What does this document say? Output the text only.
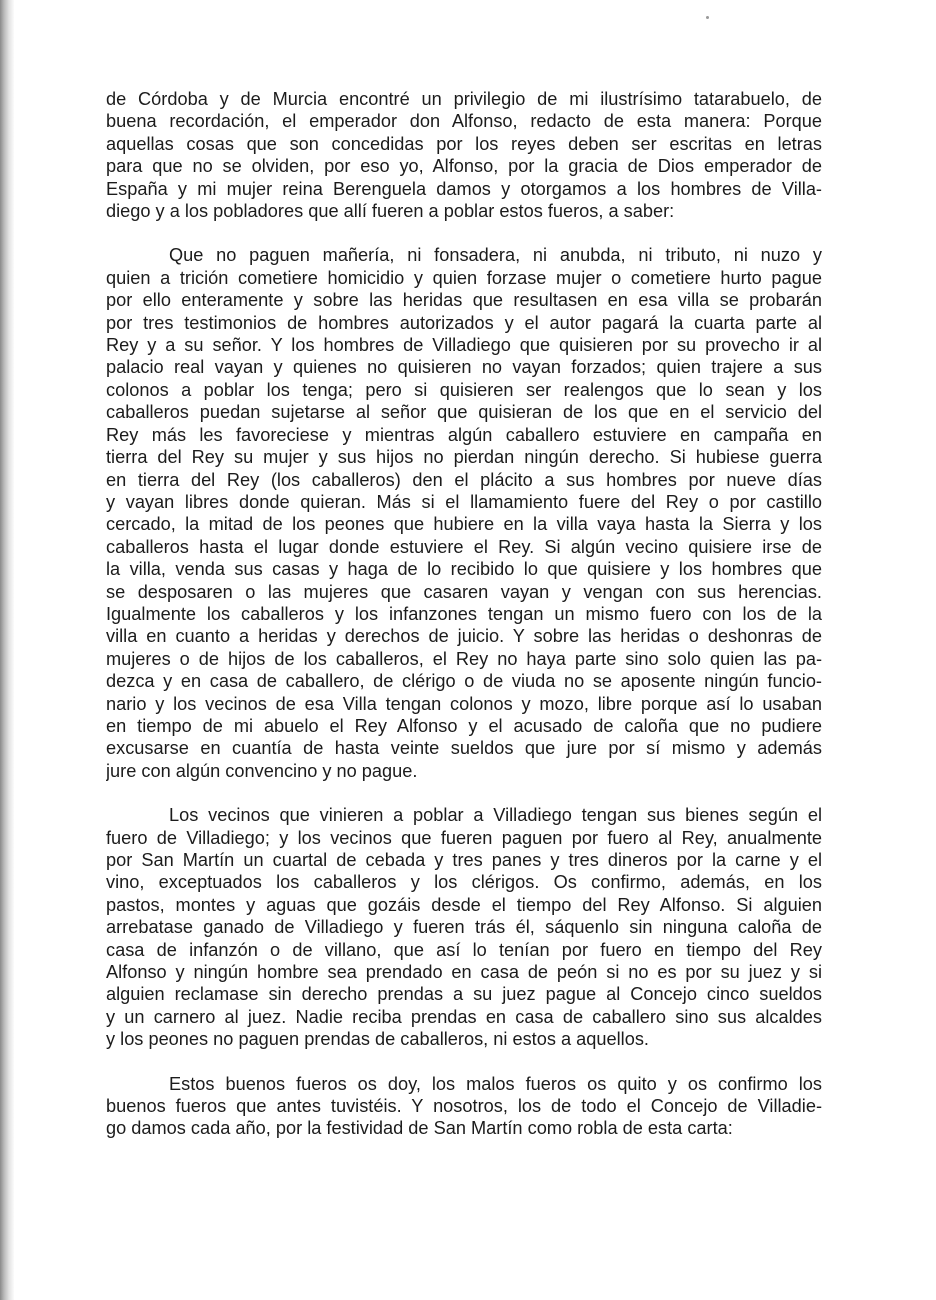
de Córdoba y de Murcia encontré un privilegio de mi ilustrísimo tatarabuelo, de
buena recordación, el emperador don Alfonso, redacto de esta manera: Porque
aquellas cosas que son concedidas por los reyes deben ser escritas en letras
para que no se olviden, por eso yo, Alfonso, por la gracia de Dios emperador de
España y mi mujer reina Berenguela damos y otorgamos a los hombres de Villa-
diego y a los pobladores que allí fueren a poblar estos fueros, a saber:
Que no paguen mañería, ni fonsadera, ni anubda, ni tributo, ni nuzo y
quien a trición cometiere homicidio y quien forzase mujer o cometiere hurto pague
por ello enteramente y sobre las heridas que resultasen en esa villa se probarán
por tres testimonios de hombres autorizados y el autor pagará la cuarta parte al
Rey y a su señor. Y los hombres de Villadiego que quisieren por su provecho ir al
palacio real vayan y quienes no quisieren no vayan forzados; quien trajere a sus
colonos a poblar los tenga; pero si quisieren ser realengos que lo sean y los
caballeros puedan sujetarse al señor que quisieran de los que en el servicio del
Rey más les favoreciese y mientras algún caballero estuviere en campaña en
tierra del Rey su mujer y sus hijos no pierdan ningún derecho. Si hubiese guerra
en tierra del Rey (los caballeros) den el plácito a sus hombres por nueve días
y vayan libres donde quieran. Más si el llamamiento fuere del Rey o por castillo
cercado, la mitad de los peones que hubiere en la villa vaya hasta la Sierra y los
caballeros hasta el lugar donde estuviere el Rey. Si algún vecino quisiere irse de
la villa, venda sus casas y haga de lo recibido lo que quisiere y los hombres que
se desposaren o las mujeres que casaren vayan y vengan con sus herencias.
Igualmente los caballeros y los infanzones tengan un mismo fuero con los de la
villa en cuanto a heridas y derechos de juicio. Y sobre las heridas o deshonras de
mujeres o de hijos de los caballeros, el Rey no haya parte sino solo quien las pa-
dezca y en casa de caballero, de clérigo o de viuda no se aposente ningún funcio-
nario y los vecinos de esa Villa tengan colonos y mozo, libre porque así lo usaban
en tiempo de mi abuelo el Rey Alfonso y el acusado de caloña que no pudiere
excusarse en cuantía de hasta veinte sueldos que jure por sí mismo y además
jure con algún convencino y no pague.
Los vecinos que vinieren a poblar a Villadiego tengan sus bienes según el
fuero de Villadiego; y los vecinos que fueren paguen por fuero al Rey, anualmente
por San Martín un cuartal de cebada y tres panes y tres dineros por la carne y el
vino, exceptuados los caballeros y los clérigos. Os confirmo, además, en los
pastos, montes y aguas que gozáis desde el tiempo del Rey Alfonso. Si alguien
arrebatase ganado de Villadiego y fueren trás él, sáquenlo sin ninguna caloña de
casa de infanzón o de villano, que así lo tenían por fuero en tiempo del Rey
Alfonso y ningún hombre sea prendado en casa de peón si no es por su juez y si
alguien reclamase sin derecho prendas a su juez pague al Concejo cinco sueldos
y un carnero al juez. Nadie reciba prendas en casa de caballero sino sus alcaldes
y los peones no paguen prendas de caballeros, ni estos a aquellos.
Estos buenos fueros os doy, los malos fueros os quito y os confirmo los
buenos fueros que antes tuvistéis. Y nosotros, los de todo el Concejo de Villadie-
go damos cada año, por la festividad de San Martín como robla de esta carta:
